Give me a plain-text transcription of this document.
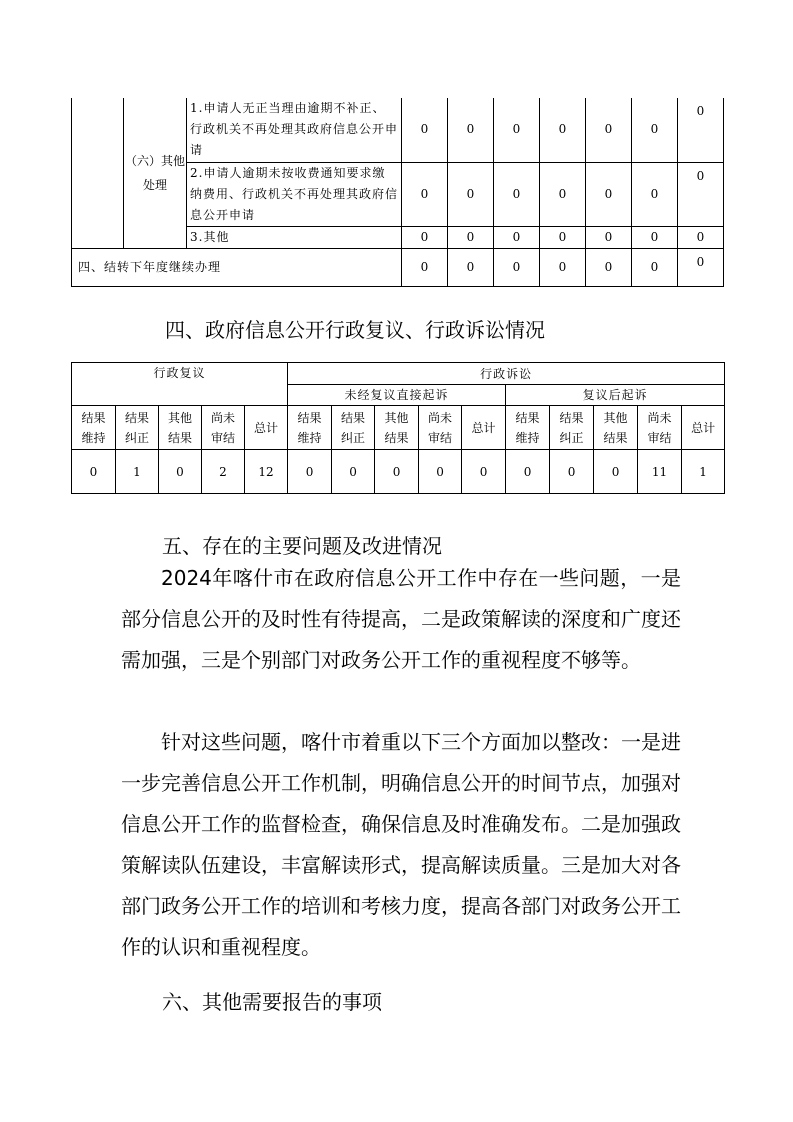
	（六）其他处理	1.申请人无正当理由逾期不补正、行政机关不再处理其政府信息公开申请	0	0	0	0	0	0	0
		2.申请人逾期未按收费通知要求缴纳费用、行政机关不再处理其政府信息公开申请	0	0	0	0	0	0	0
		3.其他	0	0	0	0	0	0	0
四、结转下年度继续办理			0	0	0	0	0	0	0
四、政府信息公开行政复议、行政诉讼情况
行政复议					行政诉讼									
					未经复议直接起诉					复议后起诉				
结果维持	结果纠正	其他结果	尚未审结	总计	结果维持	结果纠正	其他结果	尚未审结	总计	结果维持	结果纠正	其他结果	尚未审结	总计
0	1	0	2	12	0	0	0	0	0	0	0	0	11	1
五、存在的主要问题及改进情况
2024年喀什市在政府信息公开工作中存在一些问题，一是部分信息公开的及时性有待提高，二是政策解读的深度和广度还需加强，三是个别部门对政务公开工作的重视程度不够等。
针对这些问题，喀什市着重以下三个方面加以整改：一是进一步完善信息公开工作机制，明确信息公开的时间节点，加强对信息公开工作的监督检查，确保信息及时准确发布。二是加强政策解读队伍建设，丰富解读形式，提高解读质量。三是加大对各部门政务公开工作的培训和考核力度，提高各部门对政务公开工作的认识和重视程度。
六、其他需要报告的事项
